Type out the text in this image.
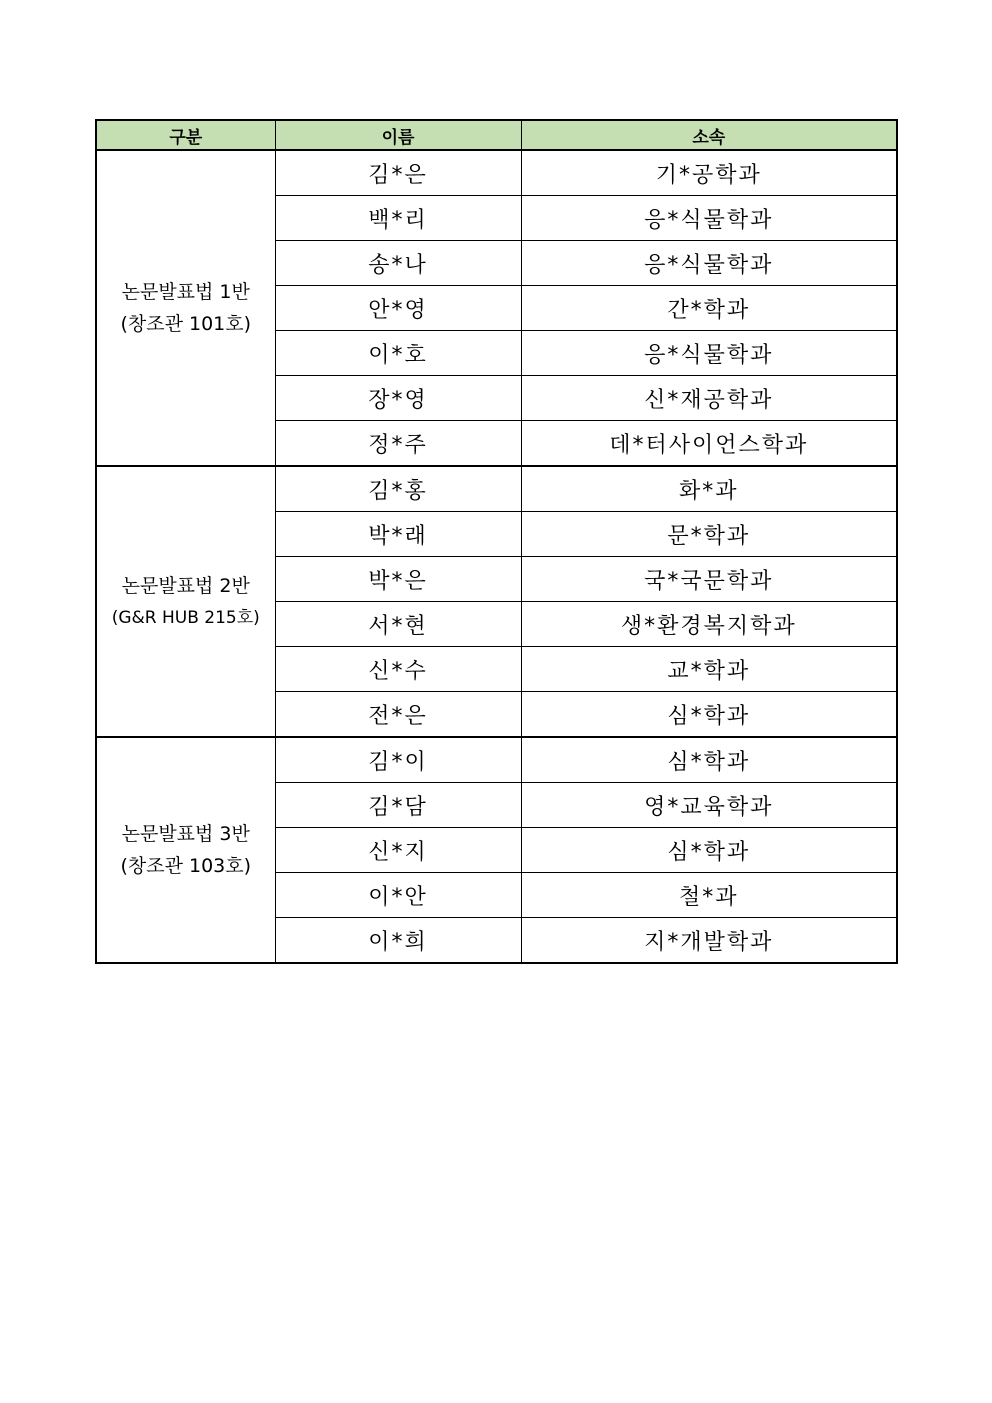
구분	이름	소속

논문발표법 1반
(창조관 101호)	김*은	기*공학과
	백*리	응*식물학과
	송*나	응*식물학과
	안*영	간*학과
	이*호	응*식물학과
	장*영	신*재공학과
	정*주	데*터사이언스학과

논문발표법 2반
(G&R HUB 215호)	김*홍	화*과
	박*래	문*학과
	박*은	국*국문학과
	서*현	생*환경복지학과
	신*수	교*학과
	전*은	심*학과

논문발표법 3반
(창조관 103호)	김*이	심*학과
	김*담	영*교육학과
	신*지	심*학과
	이*안	철*과
	이*희	지*개발학과
